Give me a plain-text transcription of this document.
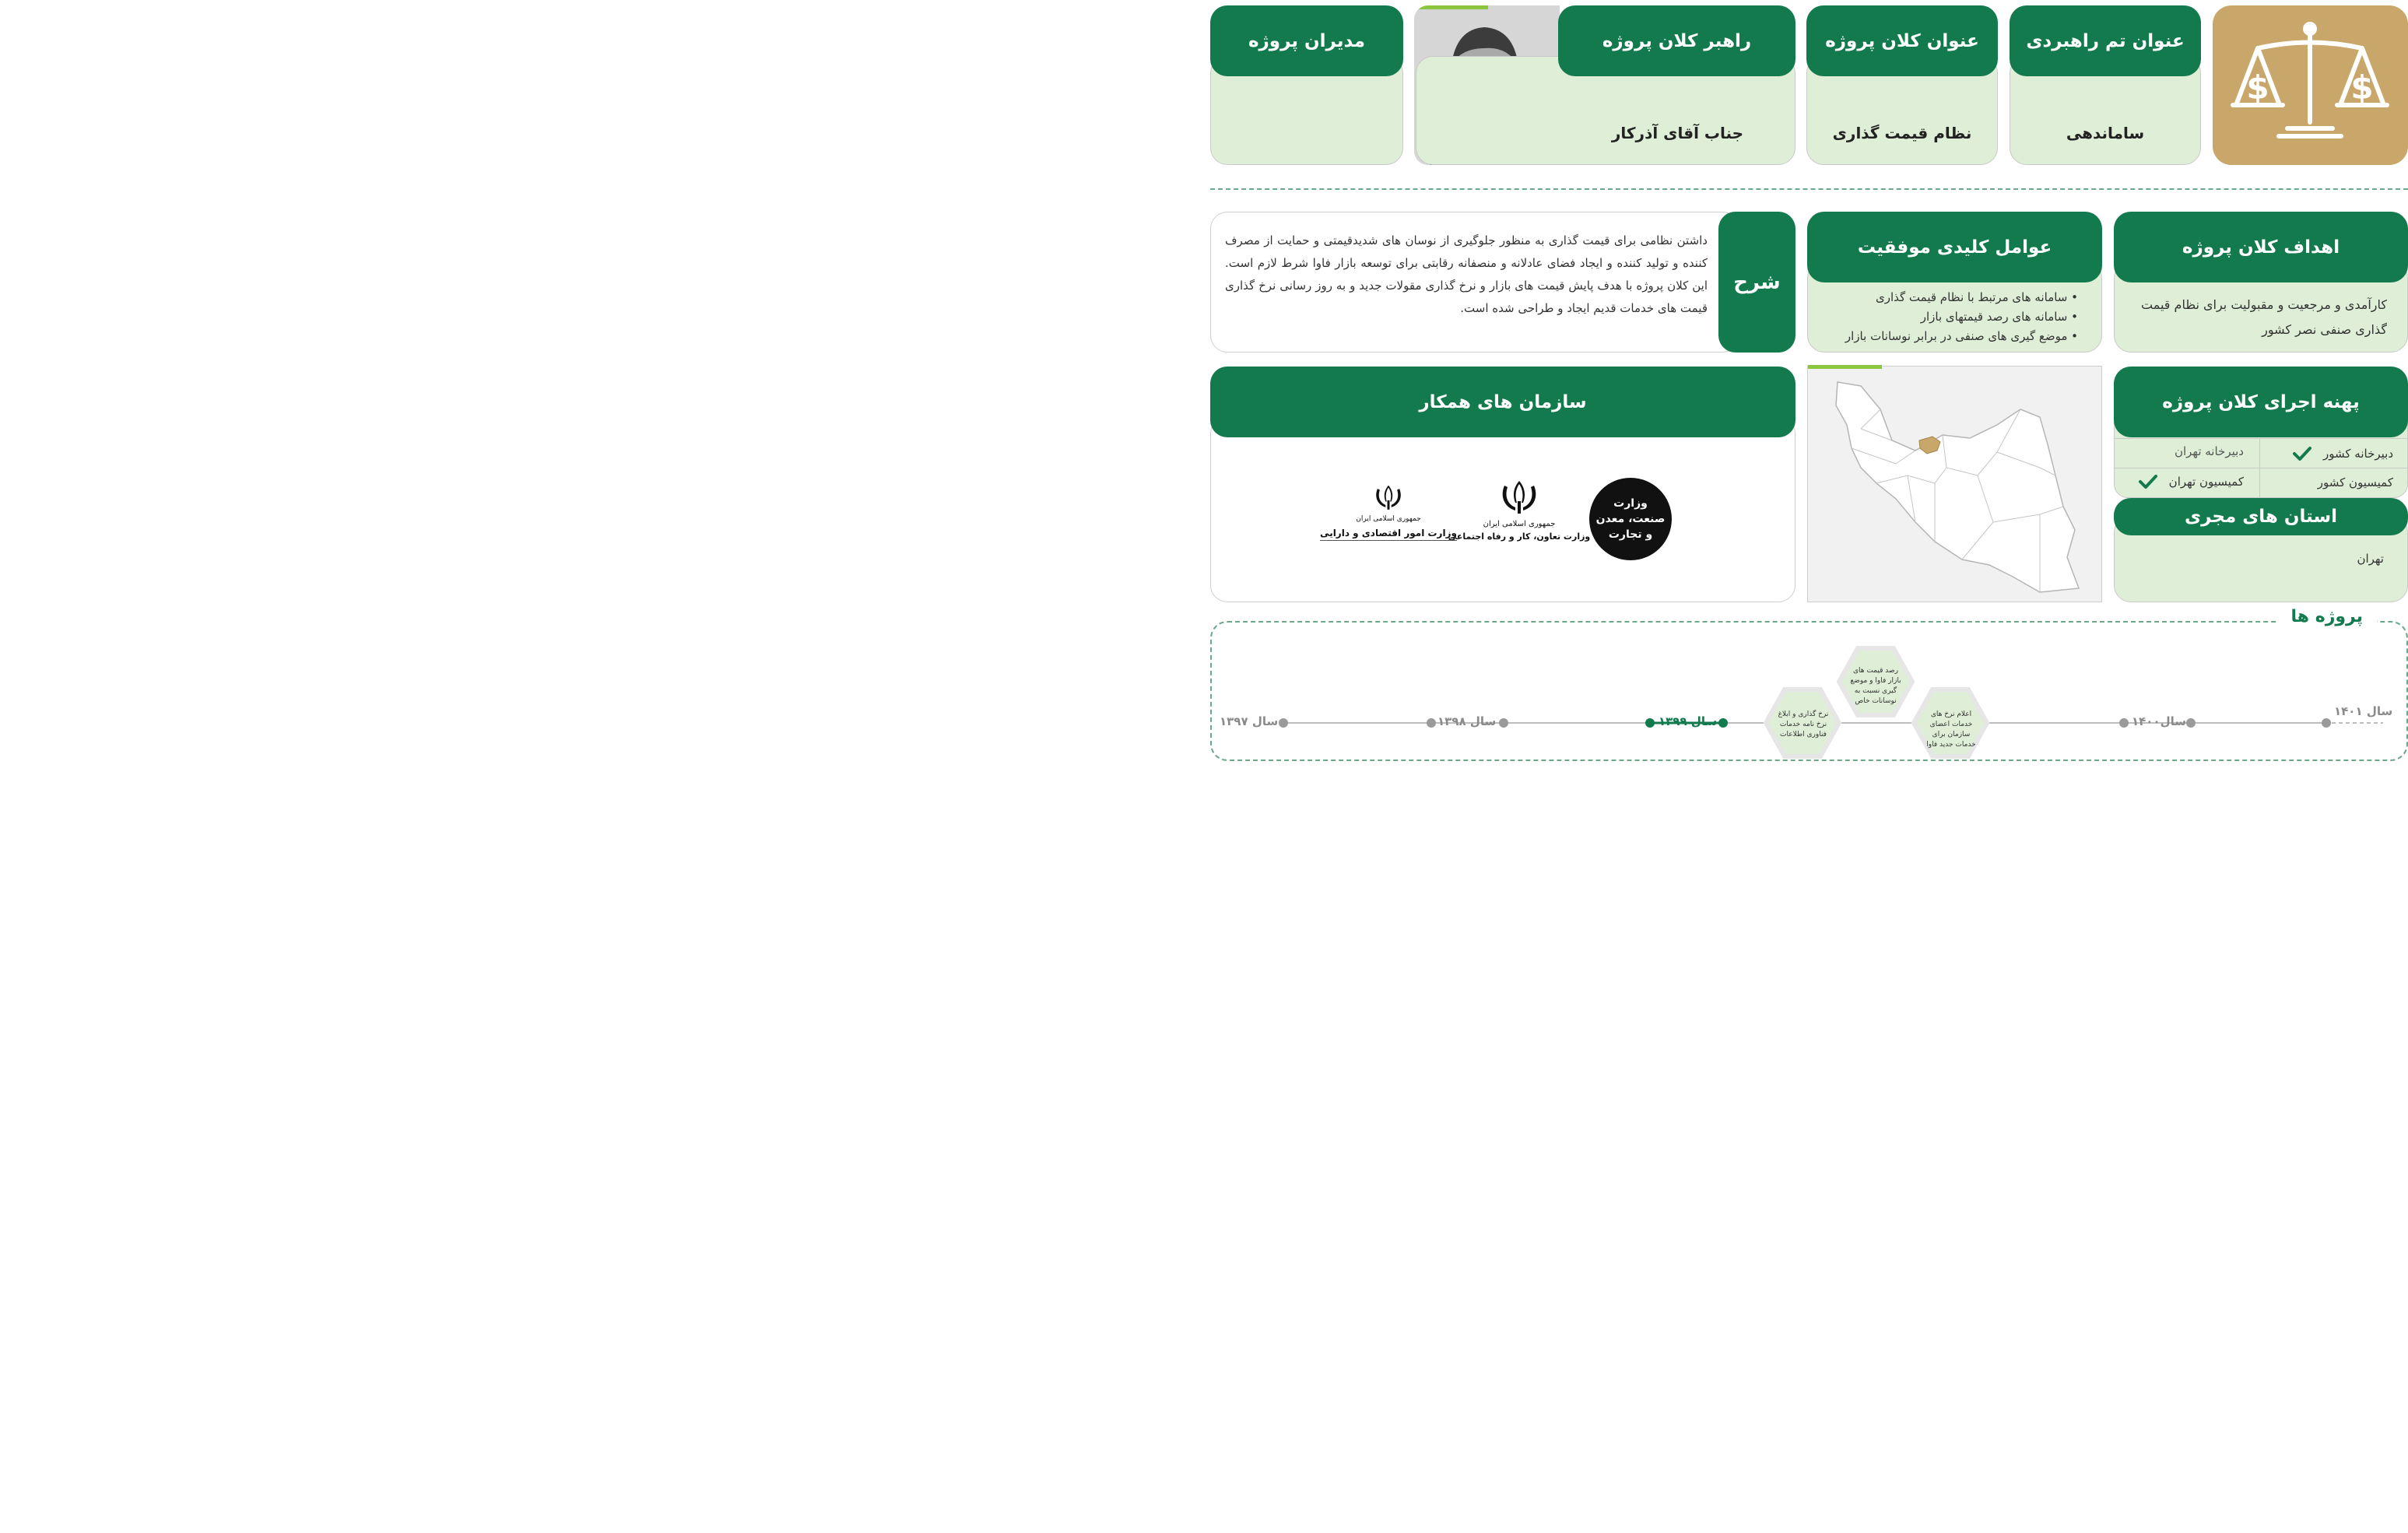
$ $
ساماندهی
عنوان تم راهبردی
نظام قیمت گذاری
عنوان کلان پروژه
جناب آقای آذرکار
راهبر کلان پروژه
مدیران پروژه
کارآمدی و مرجعیت و مقبولیت برای نظام قیمت گذاری صنفی نصر کشور
اهداف کلان پروژه
• سامانه های مرتبط با نظام قیمت گذاری
• سامانه های رصد قیمتهای بازار
• موضع گیری های صنفی در برابر نوسانات بازار
عوامل کلیدی موفقیت
داشتن نظامی برای قیمت گذاری به منظور جلوگیری از نوسان های شدیدقیمتی و حمایت از مصرف کننده و تولید کننده و ایجاد فضای عادلانه و منصفانه رقابتی برای توسعه بازار فاوا شرط لازم است. این کلان پروژه با هدف پایش قیمت های بازار و نرخ گذاری مقولات جدید و به روز رسانی نرخ گذاری قیمت های خدمات قدیم ایجاد و طراحی شده است.
شرح
پهنه اجرای کلان پروژه
دبیرخانه کشور
دبیرخانه تهران
کمیسیون کشور
کمیسیون تهران
تهران
استان های مجری
وزارت
صنعت، معدن
و تجارت
جمهوری اسلامی ایران
وزارت تعاون، کار و رفاه اجتماعی
جمهوری اسلامی ایران
وزارت امور اقتصادی و دارایی
سازمان های همکار
پروژه ها
سال ۱۳۹۷	سال ۱۳۹۸	سال ۱۳۹۹	سال۱۴۰۰
سال ۱۴۰۱
رصد قیمت های بازار فاوا و موضع گیری نسبت به نوسانات خاص
نرخ گذاری و ابلاغ نرخ نامه خدمات فناوری اطلاعات
اعلام نرخ های خدمات اعضای سازمان برای خدمات جدید فاوا
